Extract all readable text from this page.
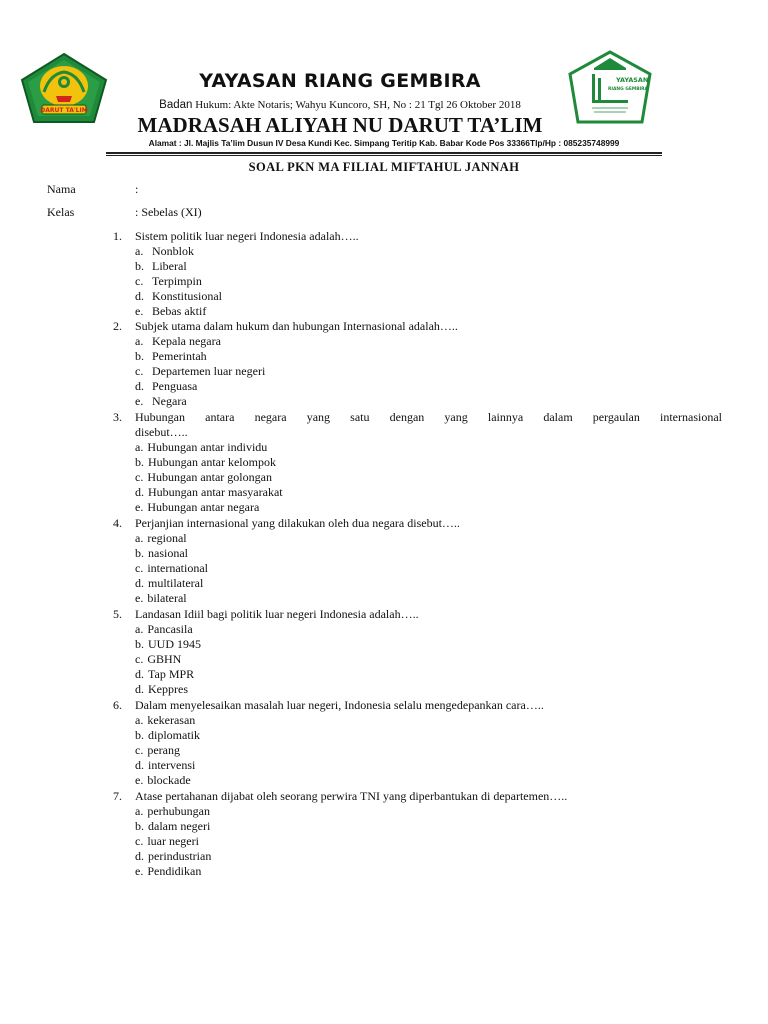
DARUT TA'LIM
YAYASAN RIANG GEMBIRA
Badan Hukum: Akte Notaris; Wahyu Kuncoro, SH, No : 21 Tgl 26 Oktober 2018
MADRASAH ALIYAH NU DARUT TA’LIM
YAYASAN
RIANG GEMBIRA
Alamat : Jl. Majlis Ta’lim Dusun IV Desa Kundi Kec. Simpang Teritip Kab. Babar Kode Pos 33366Tlp/Hp : 085235748999
SOAL PKN MA FILIAL MIFTAHUL JANNAH
Nama	:
Kelas	: Sebelas (XI)
1.	Sistem politik luar negeri Indonesia adalah…..
a. Nonblok
b. Liberal
c. Terpimpin
d. Konstitusional
e. Bebas aktif
2.	Subjek utama dalam hukum dan hubungan Internasional adalah…..
a. Kepala negara
b. Pemerintah
c. Departemen luar negeri
d. Penguasa
e. Negara
3.	Hubungan antara negara yang satu dengan yang lainnya dalam pergaulan internasional
disebut…..
a. Hubungan antar individu
b. Hubungan antar kelompok
c. Hubungan antar golongan
d. Hubungan antar masyarakat
e. Hubungan antar negara
4.	Perjanjian internasional yang dilakukan oleh dua negara disebut…..
a. regional
b. nasional
c. international
d. multilateral
e. bilateral
5.	Landasan Idiil bagi politik luar negeri Indonesia adalah…..
a. Pancasila
b. UUD 1945
c. GBHN
d. Tap MPR
d. Keppres
6.	Dalam menyelesaikan masalah luar negeri, Indonesia selalu mengedepankan cara…..
a. kekerasan
b. diplomatik
c. perang
d. intervensi
e. blockade
7.	Atase pertahanan dijabat oleh seorang perwira TNI yang diperbantukan di departemen…..
a. perhubungan
b. dalam negeri
c. luar negeri
d. perindustrian
e. Pendidikan
